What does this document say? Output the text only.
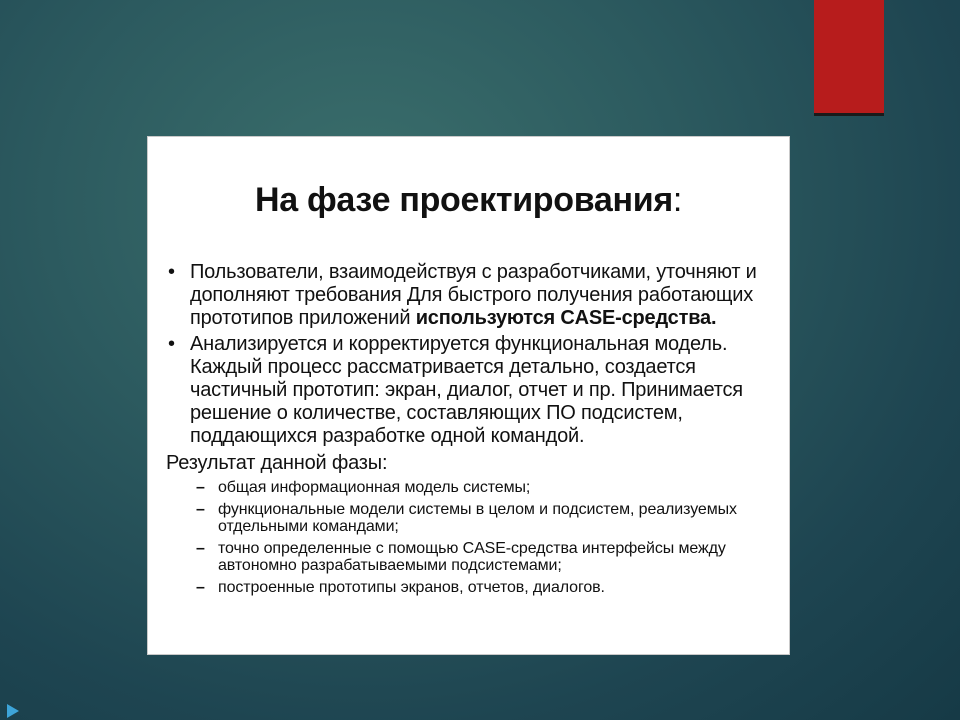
На фазе проектирования:
• Пользователи, взаимодействуя с разработчиками, уточняют и дополняют требования Для быстрого получения работающих прототипов приложений используются CASE-средства.
• Анализируется и корректируется функциональная модель. Каждый процесс рассматривается детально, создается частичный прототип: экран, диалог, отчет и пр. Принимается решение о количестве, составляющих ПО подсистем, поддающихся разработке одной командой.
Результат данной фазы:
– общая информационная модель системы;
– функциональные модели системы в целом и подсистем, реализуемых отдельными командами;
– точно определенные с помощью CASE-средства интерфейсы между автономно разрабатываемыми подсистемами;
– построенные прототипы экранов, отчетов, диалогов.
